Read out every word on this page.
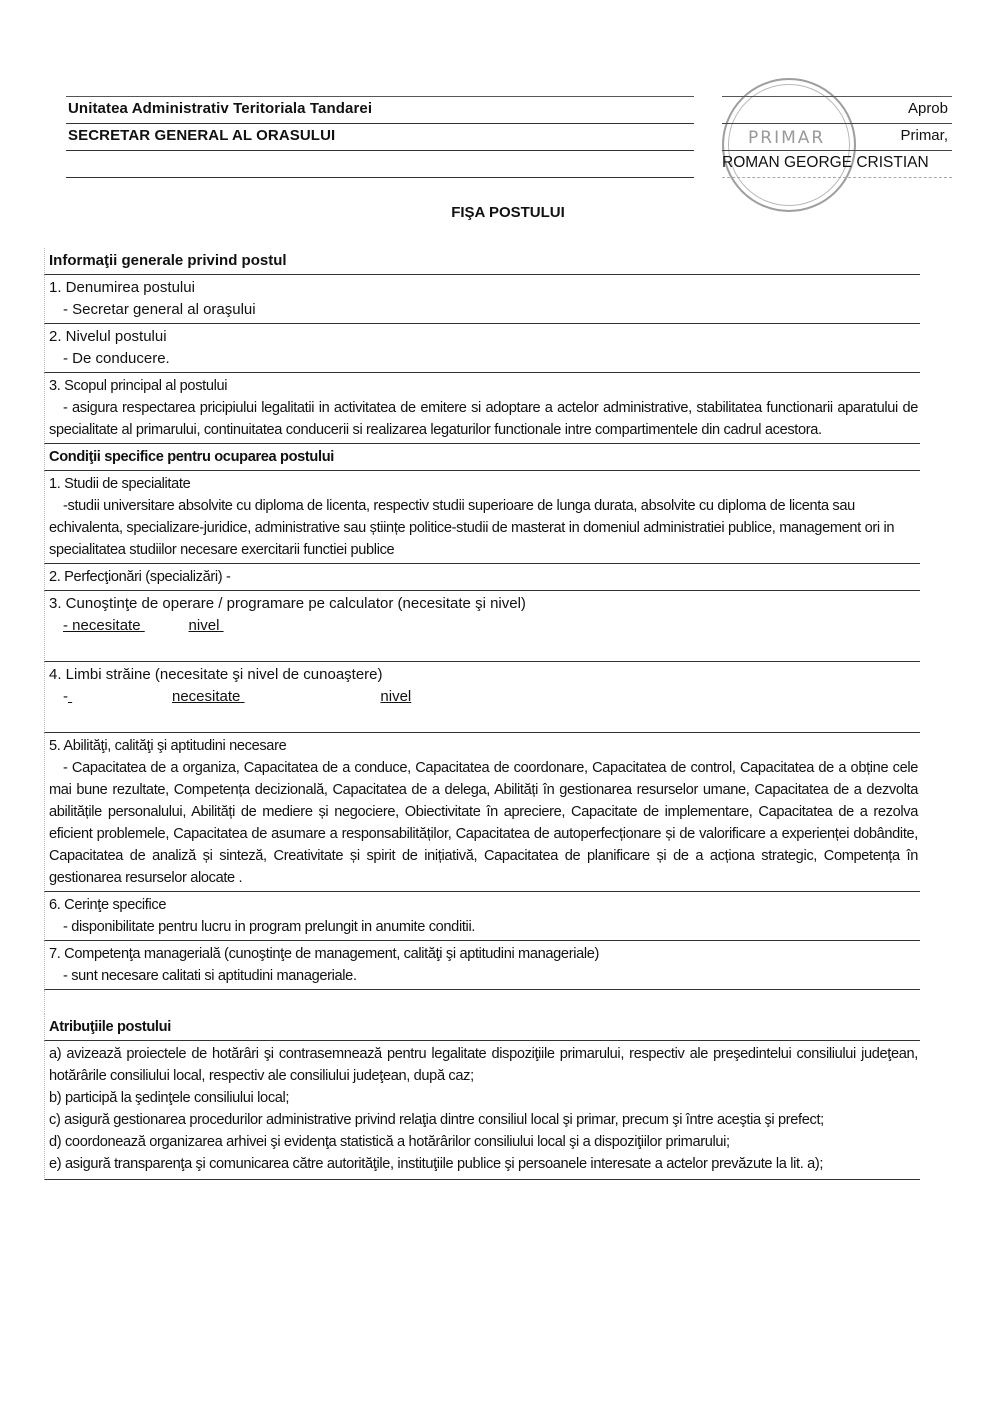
Unitatea Administrativ Teritoriala Tandarei
SECRETAR GENERAL AL ORASULUI	PRIMAR
Aprob
Primar,
ROMAN GEORGE CRISTIAN
FIŞA POSTULUI
Informaţii generale privind postul
1. Denumirea postului
- Secretar general al oraşului
2. Nivelul postului
- De conducere.
3. Scopul principal al postului
- asigura respectarea pricipiului legalitatii in activitatea de emitere si adoptare a actelor administrative, stabilitatea functionarii aparatului de specialitate al primarului, continuitatea conducerii si realizarea legaturilor functionale intre compartimentele din cadrul acestora.
Condiţii specifice pentru ocuparea postului
1. Studii de specialitate
-studii universitare absolvite cu diploma de licenta, respectiv studii superioare de lunga durata, absolvite cu diploma de licenta sau echivalenta, specializare-juridice, administrative sau științe politice-studii de masterat in domeniul administratiei publice, management ori in specialitatea studiilor necesare exercitarii functiei publice
2. Perfecţionări (specializări) -
3. Cunoştinţe de operare / programare pe calculator (necesitate şi nivel)
- necesitate	nivel
4. Limbi străine (necesitate şi nivel de cunoaştere)
-	necesitate	nivel
5. Abilităţi, calităţi şi aptitudini necesare
- Capacitatea de a organiza, Capacitatea de a conduce, Capacitatea de coordonare, Capacitatea de control, Capacitatea de a obține cele mai bune rezultate, Competența decizională, Capacitatea de a delega, Abilități în gestionarea resurselor umane, Capacitatea de a dezvolta abilitățile personalului, Abilități de mediere și negociere, Obiectivitate în apreciere, Capacitate de implementare, Capacitatea de a rezolva eficient problemele, Capacitatea de asumare a responsabilităților, Capacitatea de autoperfecționare și de valorificare a experienței dobândite, Capacitatea de analiză și sinteză, Creativitate și spirit de inițiativă, Capacitatea de planificare și de a acționa strategic, Competența în gestionarea resurselor alocate .
6. Cerinţe specifice
- disponibilitate pentru lucru in program prelungit in anumite conditii.
7. Competenţa managerială (cunoştinţe de management, calităţi şi aptitudini manageriale)
- sunt necesare calitati si aptitudini manageriale.
Atribuţiile postului
a) avizează proiectele de hotărâri şi contrasemnează pentru legalitate dispoziţiile primarului, respectiv ale preşedintelui consiliului judeţean, hotărârile consiliului local, respectiv ale consiliului judeţean, după caz;
b) participă la şedinţele consiliului local;
c) asigură gestionarea procedurilor administrative privind relaţia dintre consiliul local şi primar, precum şi între aceştia şi prefect;
d) coordonează organizarea arhivei şi evidenţa statistică a hotărârilor consiliului local şi a dispoziţiilor primarului;
e) asigură transparenţa şi comunicarea către autorităţile, instituţiile publice şi persoanele interesate a actelor prevăzute la lit. a);
